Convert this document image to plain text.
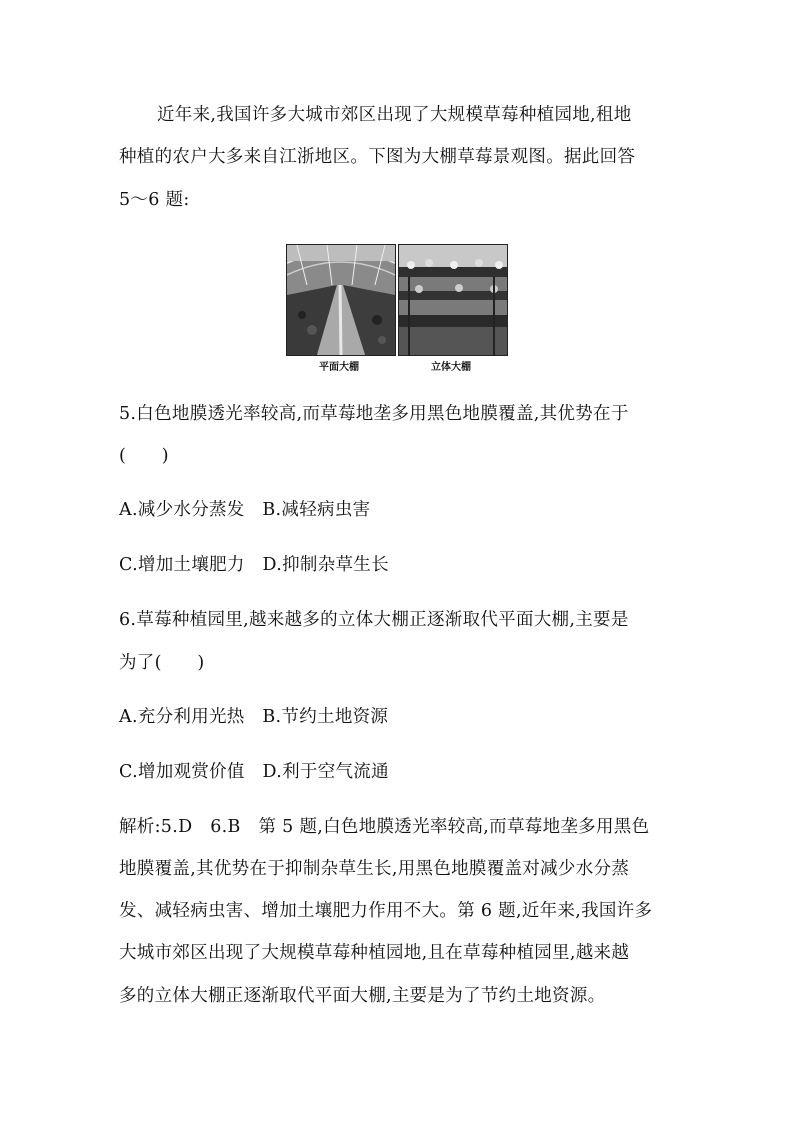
近年来,我国许多大城市郊区出现了大规模草莓种植园地,租地

种植的农户大多来自江浙地区。下图为大棚草莓景观图。据此回答

5～6 题:

平面大棚	立体大棚

5.白色地膜透光率较高,而草莓地垄多用黑色地膜覆盖,其优势在于

(　　)

A.减少水分蒸发　B.减轻病虫害

C.增加土壤肥力　D.抑制杂草生长

6.草莓种植园里,越来越多的立体大棚正逐渐取代平面大棚,主要是

为了(　　)

A.充分利用光热　B.节约土地资源

C.增加观赏价值　D.利于空气流通

解析:5.D　6.B　第 5 题,白色地膜透光率较高,而草莓地垄多用黑色

地膜覆盖,其优势在于抑制杂草生长,用黑色地膜覆盖对减少水分蒸

发、减轻病虫害、增加土壤肥力作用不大。第 6 题,近年来,我国许多

大城市郊区出现了大规模草莓种植园地,且在草莓种植园里,越来越

多的立体大棚正逐渐取代平面大棚,主要是为了节约土地资源。
